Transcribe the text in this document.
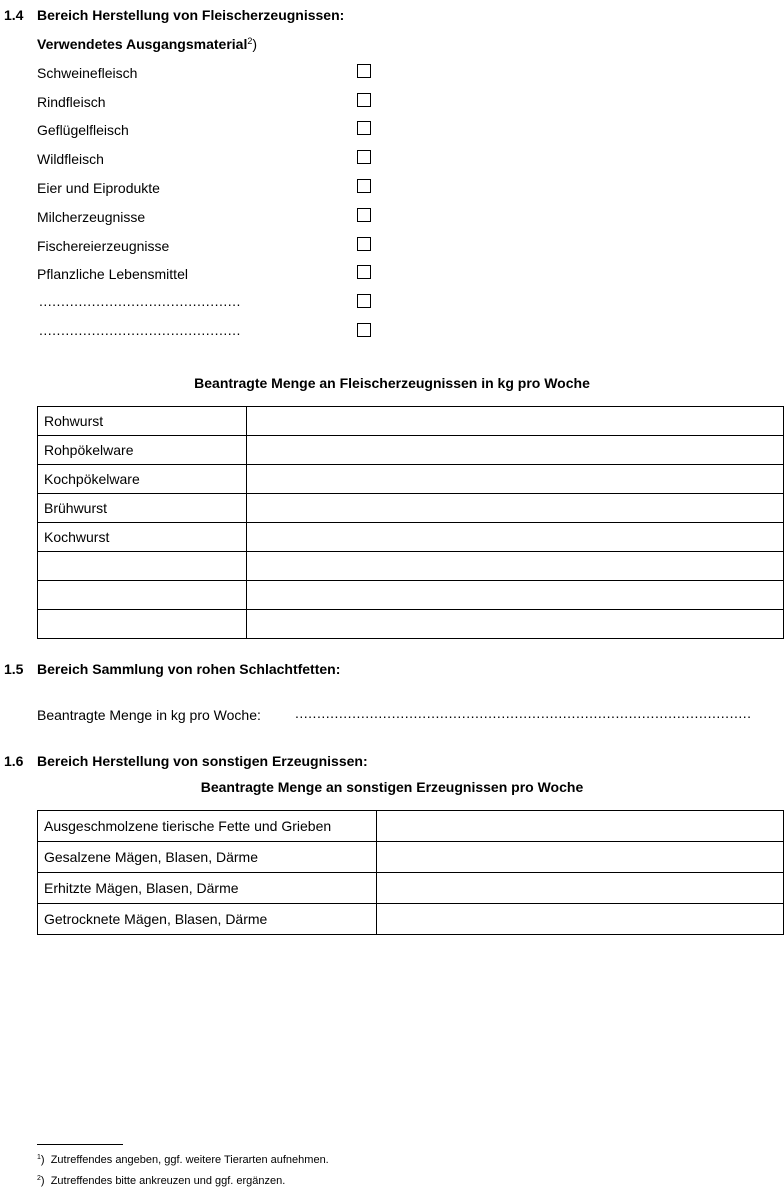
1.4 Bereich Herstellung von Fleischerzeugnissen:
Verwendetes Ausgangsmaterial$^2$)
Schweinefleisch
Rindfleisch
Geflügelfleisch
Wildfleisch
Eier und Eiprodukte
Milcherzeugnisse
Fischereierzeugnisse
Pflanzliche Lebensmittel
..............................................
..............................................
Beantragte Menge an Fleischerzeugnissen in kg pro Woche
Rohwurst	
Rohpökelware	
Kochpökelware	
Brühwurst	
Kochwurst	

1.5 Bereich Sammlung von rohen Schlachtfetten:
Beantragte Menge in kg pro Woche: ........................................................................................................
1.6 Bereich Herstellung von sonstigen Erzeugnissen:
Beantragte Menge an sonstigen Erzeugnissen pro Woche
Ausgeschmolzene tierische Fette und Grieben	
Gesalzene Mägen, Blasen, Därme	
Erhitzte Mägen, Blasen, Därme	
Getrocknete Mägen, Blasen, Därme	
$^1$) Zutreffendes angeben, ggf. weitere Tierarten aufnehmen.
$^2$) Zutreffendes bitte ankreuzen und ggf. ergänzen.
